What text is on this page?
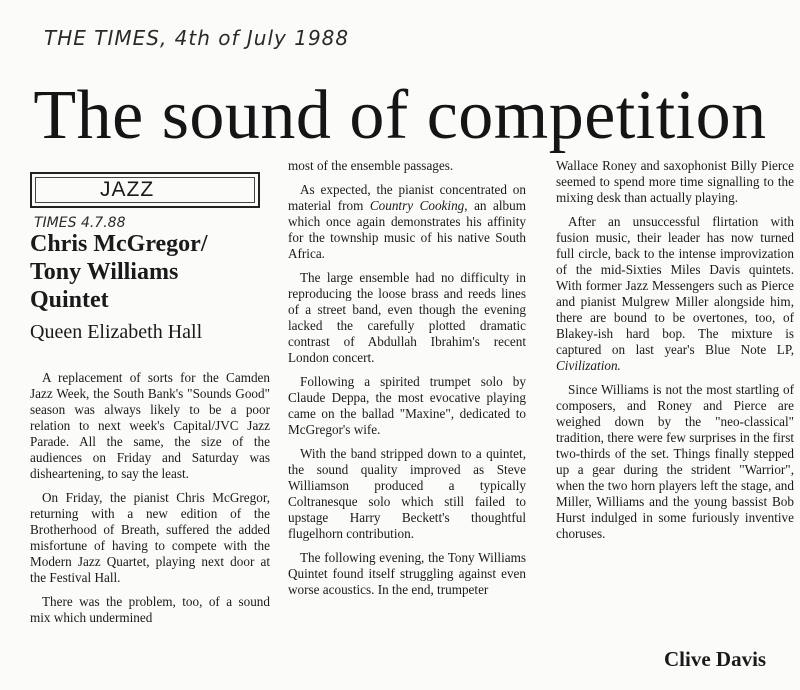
THE TIMES, 4th of July 1988
The sound of competition
JAZZ
TIMES 4.7.88
Chris McGregor/
Tony Williams
Quintet
Queen Elizabeth Hall

A replacement of sorts for the Camden Jazz Week, the South Bank's "Sounds Good" season was always likely to be a poor relation to next week's Capital/JVC Jazz Parade. All the same, the size of the audiences on Friday and Saturday was disheartening, to say the least.

On Friday, the pianist Chris McGregor, returning with a new edition of the Brotherhood of Breath, suffered the added misfortune of having to compete with the Modern Jazz Quartet, playing next door at the Festival Hall.

There was the problem, too, of a sound mix which undermined

most of the ensemble passages.

As expected, the pianist concentrated on material from Country Cooking, an album which once again demonstrates his affinity for the township music of his native South Africa.

The large ensemble had no difficulty in reproducing the loose brass and reeds lines of a street band, even though the evening lacked the carefully plotted dramatic contrast of Abdullah Ibrahim's recent London concert.

Following a spirited trumpet solo by Claude Deppa, the most evocative playing came on the ballad "Maxine", dedicated to McGregor's wife.

With the band stripped down to a quintet, the sound quality improved as Steve Williamson produced a typically Coltranesque solo which still failed to upstage Harry Beckett's thoughtful flugelhorn contribution.

The following evening, the Tony Williams Quintet found itself struggling against even worse acoustics. In the end, trumpeter

Wallace Roney and saxophonist Billy Pierce seemed to spend more time signalling to the mixing desk than actually playing.

After an unsuccessful flirtation with fusion music, their leader has now turned full circle, back to the intense improvization of the mid-Sixties Miles Davis quintets. With former Jazz Messengers such as Pierce and pianist Mulgrew Miller alongside him, there are bound to be overtones, too, of Blakey-ish hard bop. The mixture is captured on last year's Blue Note LP, Civilization.

Since Williams is not the most startling of composers, and Roney and Pierce are weighed down by the "neo-classical" tradition, there were few surprises in the first two-thirds of the set. Things finally stepped up a gear during the strident "Warrior", when the two horn players left the stage, and Miller, Williams and the young bassist Bob Hurst indulged in some furiously inventive choruses.

Clive Davis
